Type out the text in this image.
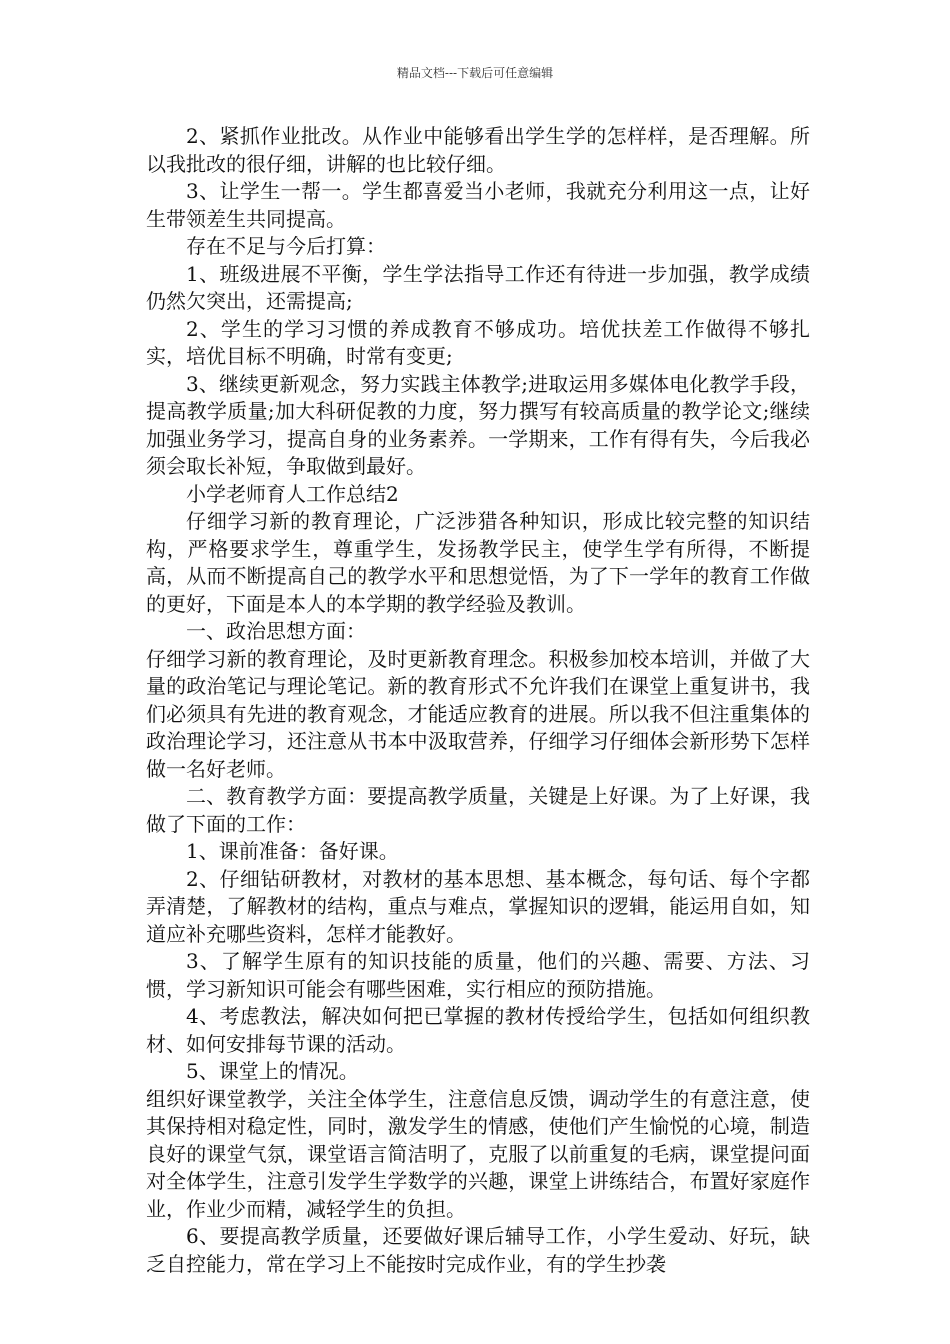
精品文档---下载后可任意编辑

2、紧抓作业批改。从作业中能够看出学生学的怎样样，是否理解。所以我批改的很仔细，讲解的也比较仔细。

3、让学生一帮一。学生都喜爱当小老师，我就充分利用这一点，让好生带领差生共同提高。

存在不足与今后打算：

1、班级进展不平衡，学生学法指导工作还有待进一步加强，教学成绩仍然欠突出，还需提高;

2、学生的学习习惯的养成教育不够成功。培优扶差工作做得不够扎实，培优目标不明确，时常有变更;

3、继续更新观念，努力实践主体教学;进取运用多媒体电化教学手段，提高教学质量;加大科研促教的力度，努力撰写有较高质量的教学论文;继续加强业务学习，提高自身的业务素养。一学期来，工作有得有失，今后我必须会取长补短，争取做到最好。

小学老师育人工作总结2

仔细学习新的教育理论，广泛涉猎各种知识，形成比较完整的知识结构，严格要求学生，尊重学生，发扬教学民主，使学生学有所得，不断提高，从而不断提高自己的教学水平和思想觉悟，为了下一学年的教育工作做的更好，下面是本人的本学期的教学经验及教训。

一、政治思想方面：

仔细学习新的教育理论，及时更新教育理念。积极参加校本培训，并做了大量的政治笔记与理论笔记。新的教育形式不允许我们在课堂上重复讲书，我们必须具有先进的教育观念，才能适应教育的进展。所以我不但注重集体的政治理论学习，还注意从书本中汲取营养，仔细学习仔细体会新形势下怎样做一名好老师。

二、教育教学方面：要提高教学质量，关键是上好课。为了上好课，我做了下面的工作：

1、课前准备：备好课。

2、仔细钻研教材，对教材的基本思想、基本概念，每句话、每个字都弄清楚，了解教材的结构，重点与难点，掌握知识的逻辑，能运用自如，知道应补充哪些资料，怎样才能教好。

3、了解学生原有的知识技能的质量，他们的兴趣、需要、方法、习惯，学习新知识可能会有哪些困难，实行相应的预防措施。

4、考虑教法，解决如何把已掌握的教材传授给学生，包括如何组织教材、如何安排每节课的活动。

5、课堂上的情况。

组织好课堂教学，关注全体学生，注意信息反馈，调动学生的有意注意，使其保持相对稳定性，同时，激发学生的情感，使他们产生愉悦的心境，制造良好的课堂气氛，课堂语言简洁明了，克服了以前重复的毛病，课堂提问面对全体学生，注意引发学生学数学的兴趣，课堂上讲练结合，布置好家庭作业，作业少而精，减轻学生的负担。

6、要提高教学质量，还要做好课后辅导工作，小学生爱动、好玩，缺乏自控能力，常在学习上不能按时完成作业，有的学生抄袭
